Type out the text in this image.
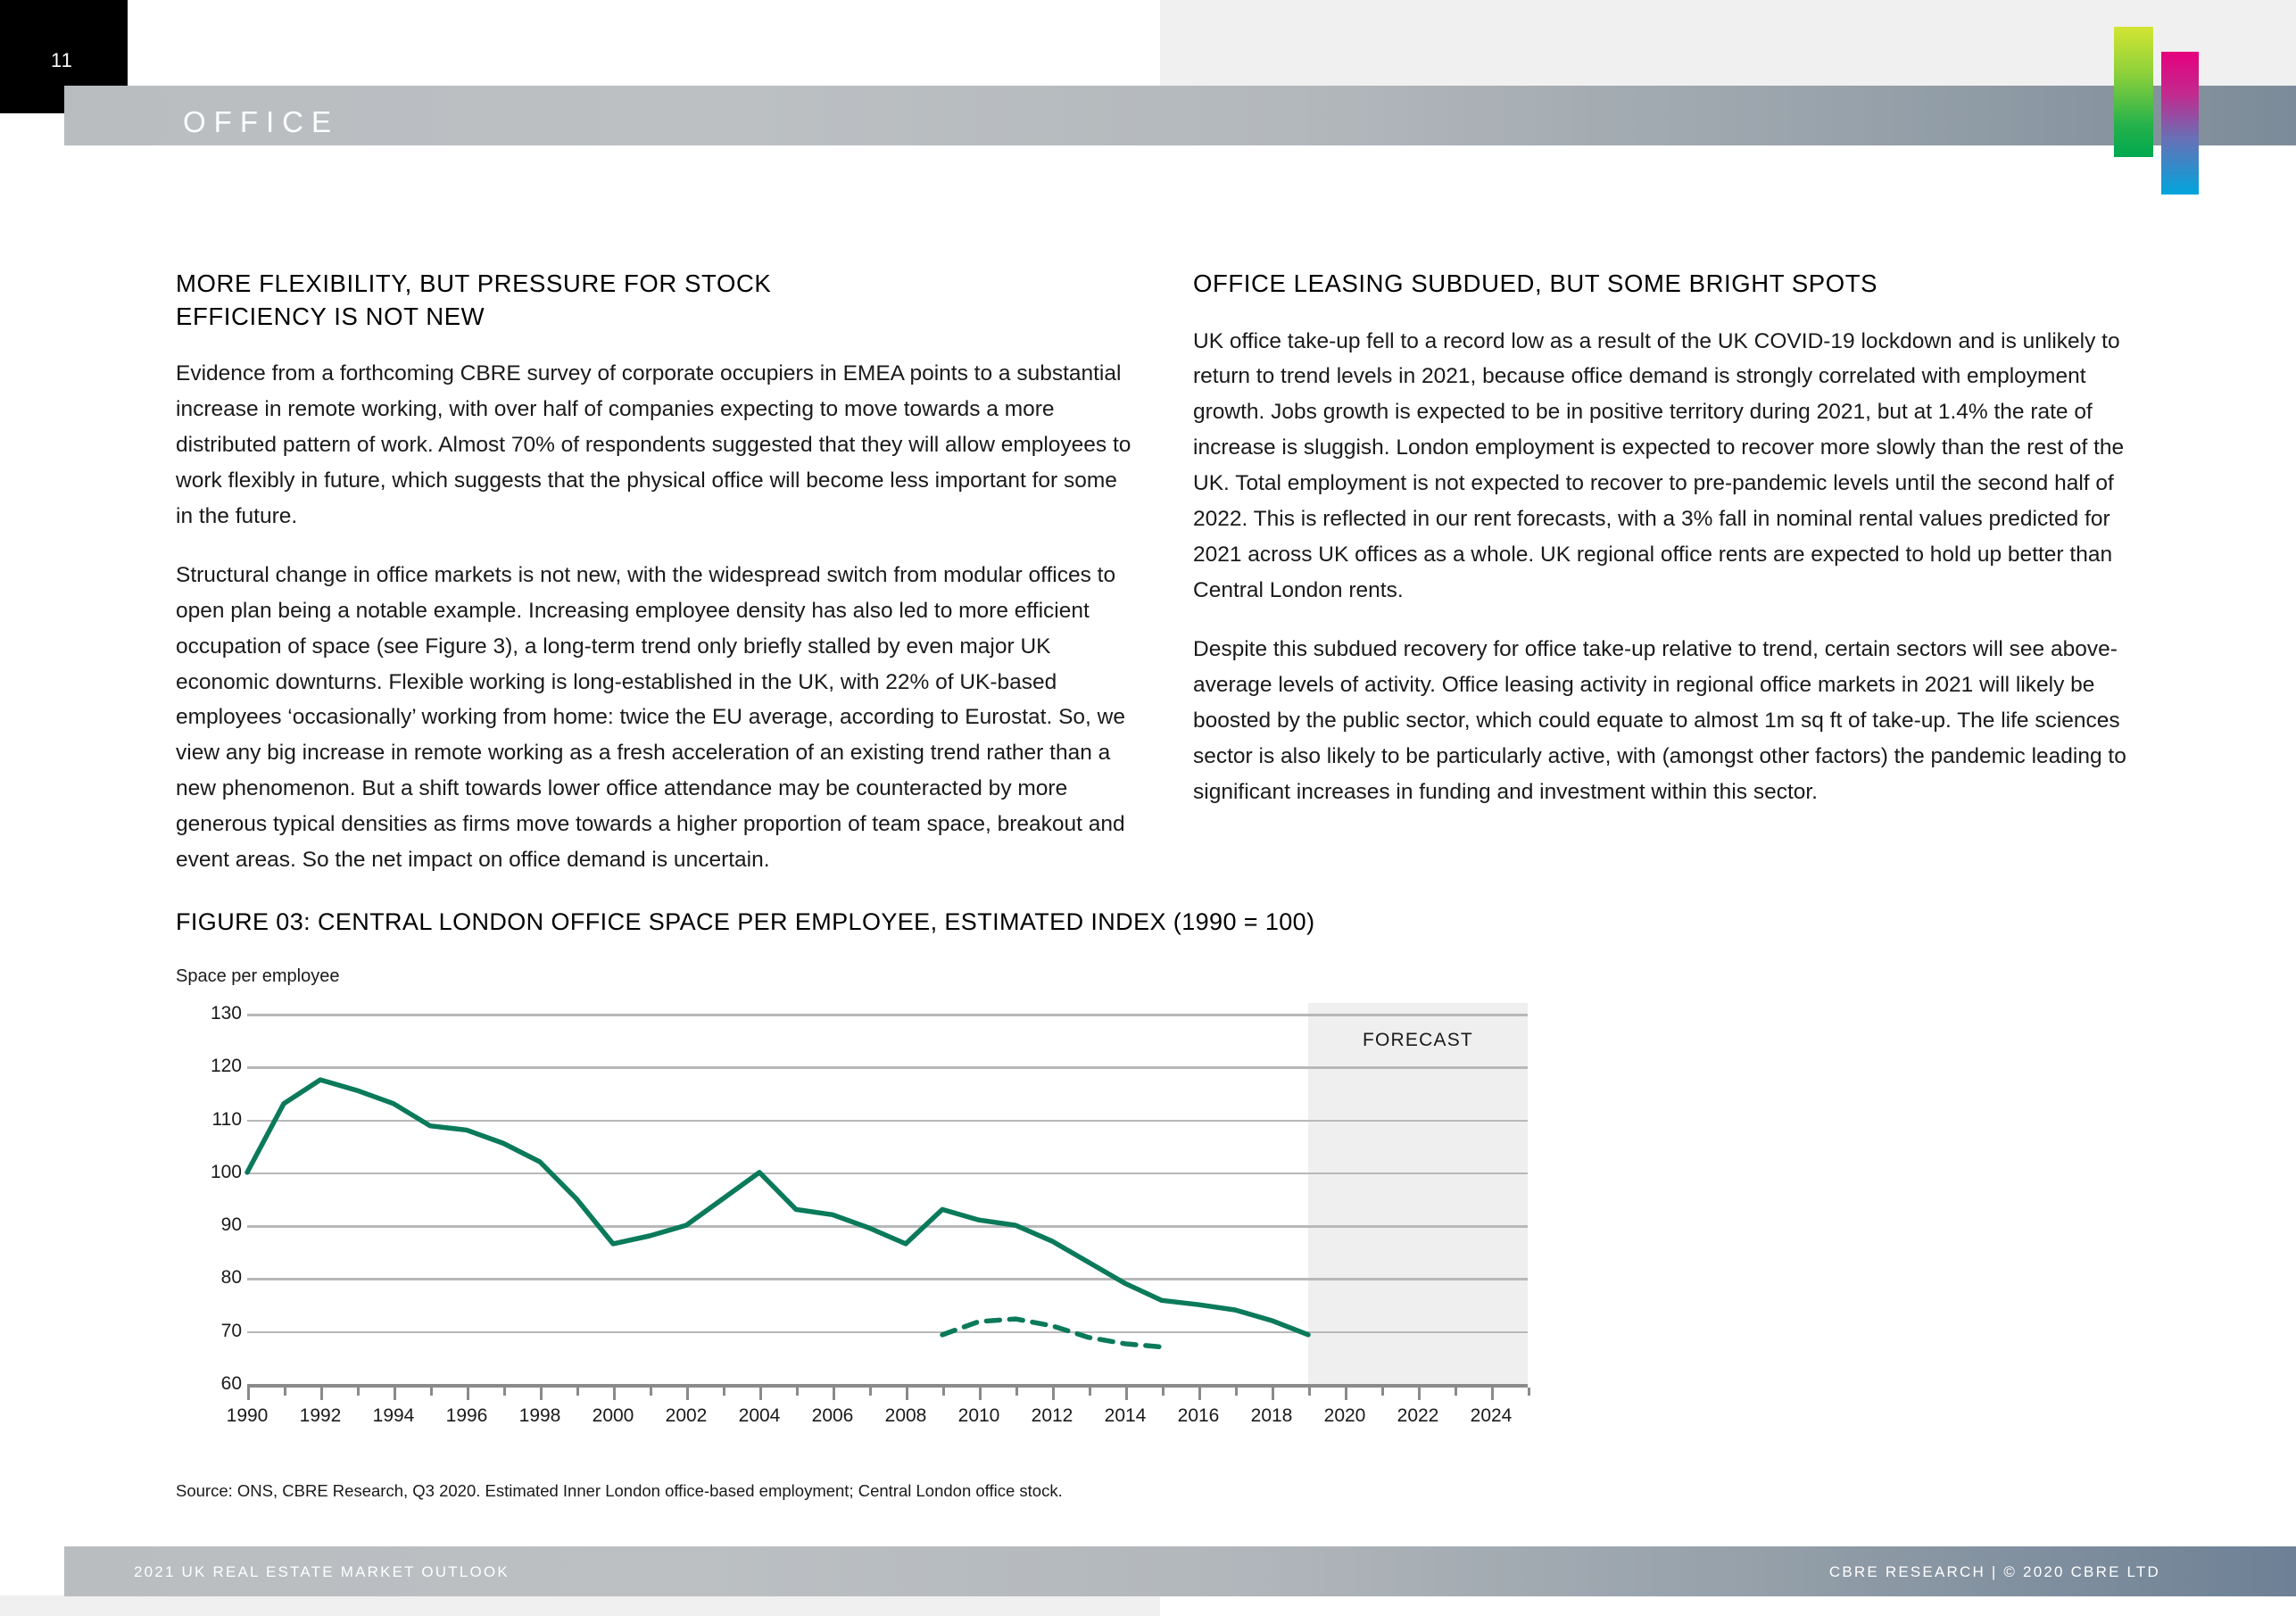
11
OFFICE
MORE FLEXIBILITY, BUT PRESSURE FOR STOCK
EFFICIENCY IS NOT NEW

Evidence from a forthcoming CBRE survey of corporate occupiers in EMEA points to a substantial increase in remote working, with over half of companies expecting to move towards a more distributed pattern of work. Almost 70% of respondents suggested that they will allow employees to work flexibly in future, which suggests that the physical office will become less important for some in the future.

Structural change in office markets is not new, with the widespread switch from modular offices to open plan being a notable example. Increasing employee density has also led to more efficient occupation of space (see Figure 3), a long-term trend only briefly stalled by even major UK economic downturns. Flexible working is long-established in the UK, with 22% of UK-based employees ‘occasionally’ working from home: twice the EU average, according to Eurostat. So, we view any big increase in remote working as a fresh acceleration of an existing trend rather than a new phenomenon. But a shift towards lower office attendance may be counteracted by more generous typical densities as firms move towards a higher proportion of team space, breakout and event areas. So the net impact on office demand is uncertain.

OFFICE LEASING SUBDUED, BUT SOME BRIGHT SPOTS

UK office take-up fell to a record low as a result of the UK COVID-19 lockdown and is unlikely to return to trend levels in 2021, because office demand is strongly correlated with employment growth. Jobs growth is expected to be in positive territory during 2021, but at 1.4% the rate of increase is sluggish. London employment is expected to recover more slowly than the rest of the UK. Total employment is not expected to recover to pre-pandemic levels until the second half of 2022. This is reflected in our rent forecasts, with a 3% fall in nominal rental values predicted for 2021 across UK offices as a whole. UK regional office rents are expected to hold up better than Central London rents.

Despite this subdued recovery for office take-up relative to trend, certain sectors will see above-average levels of activity. Office leasing activity in regional office markets in 2021 will likely be boosted by the public sector, which could equate to almost 1m sq ft of take-up. The life sciences sector is also likely to be particularly active, with (amongst other factors) the pandemic leading to significant increases in funding and investment within this sector.

FIGURE 03: CENTRAL LONDON OFFICE SPACE PER EMPLOYEE, ESTIMATED INDEX (1990 = 100)
Space per employee
130
120
110
100
90
80
70
60
FORECAST
1990 1992 1994 1996 1998 2000 2002 2004 2006 2008 2010 2012 2014 2016 2018 2020 2022 2024
Source: ONS, CBRE Research, Q3 2020. Estimated Inner London office-based employment; Central London office stock.
2021 UK REAL ESTATE MARKET OUTLOOK	CBRE RESEARCH | © 2020 CBRE LTD
